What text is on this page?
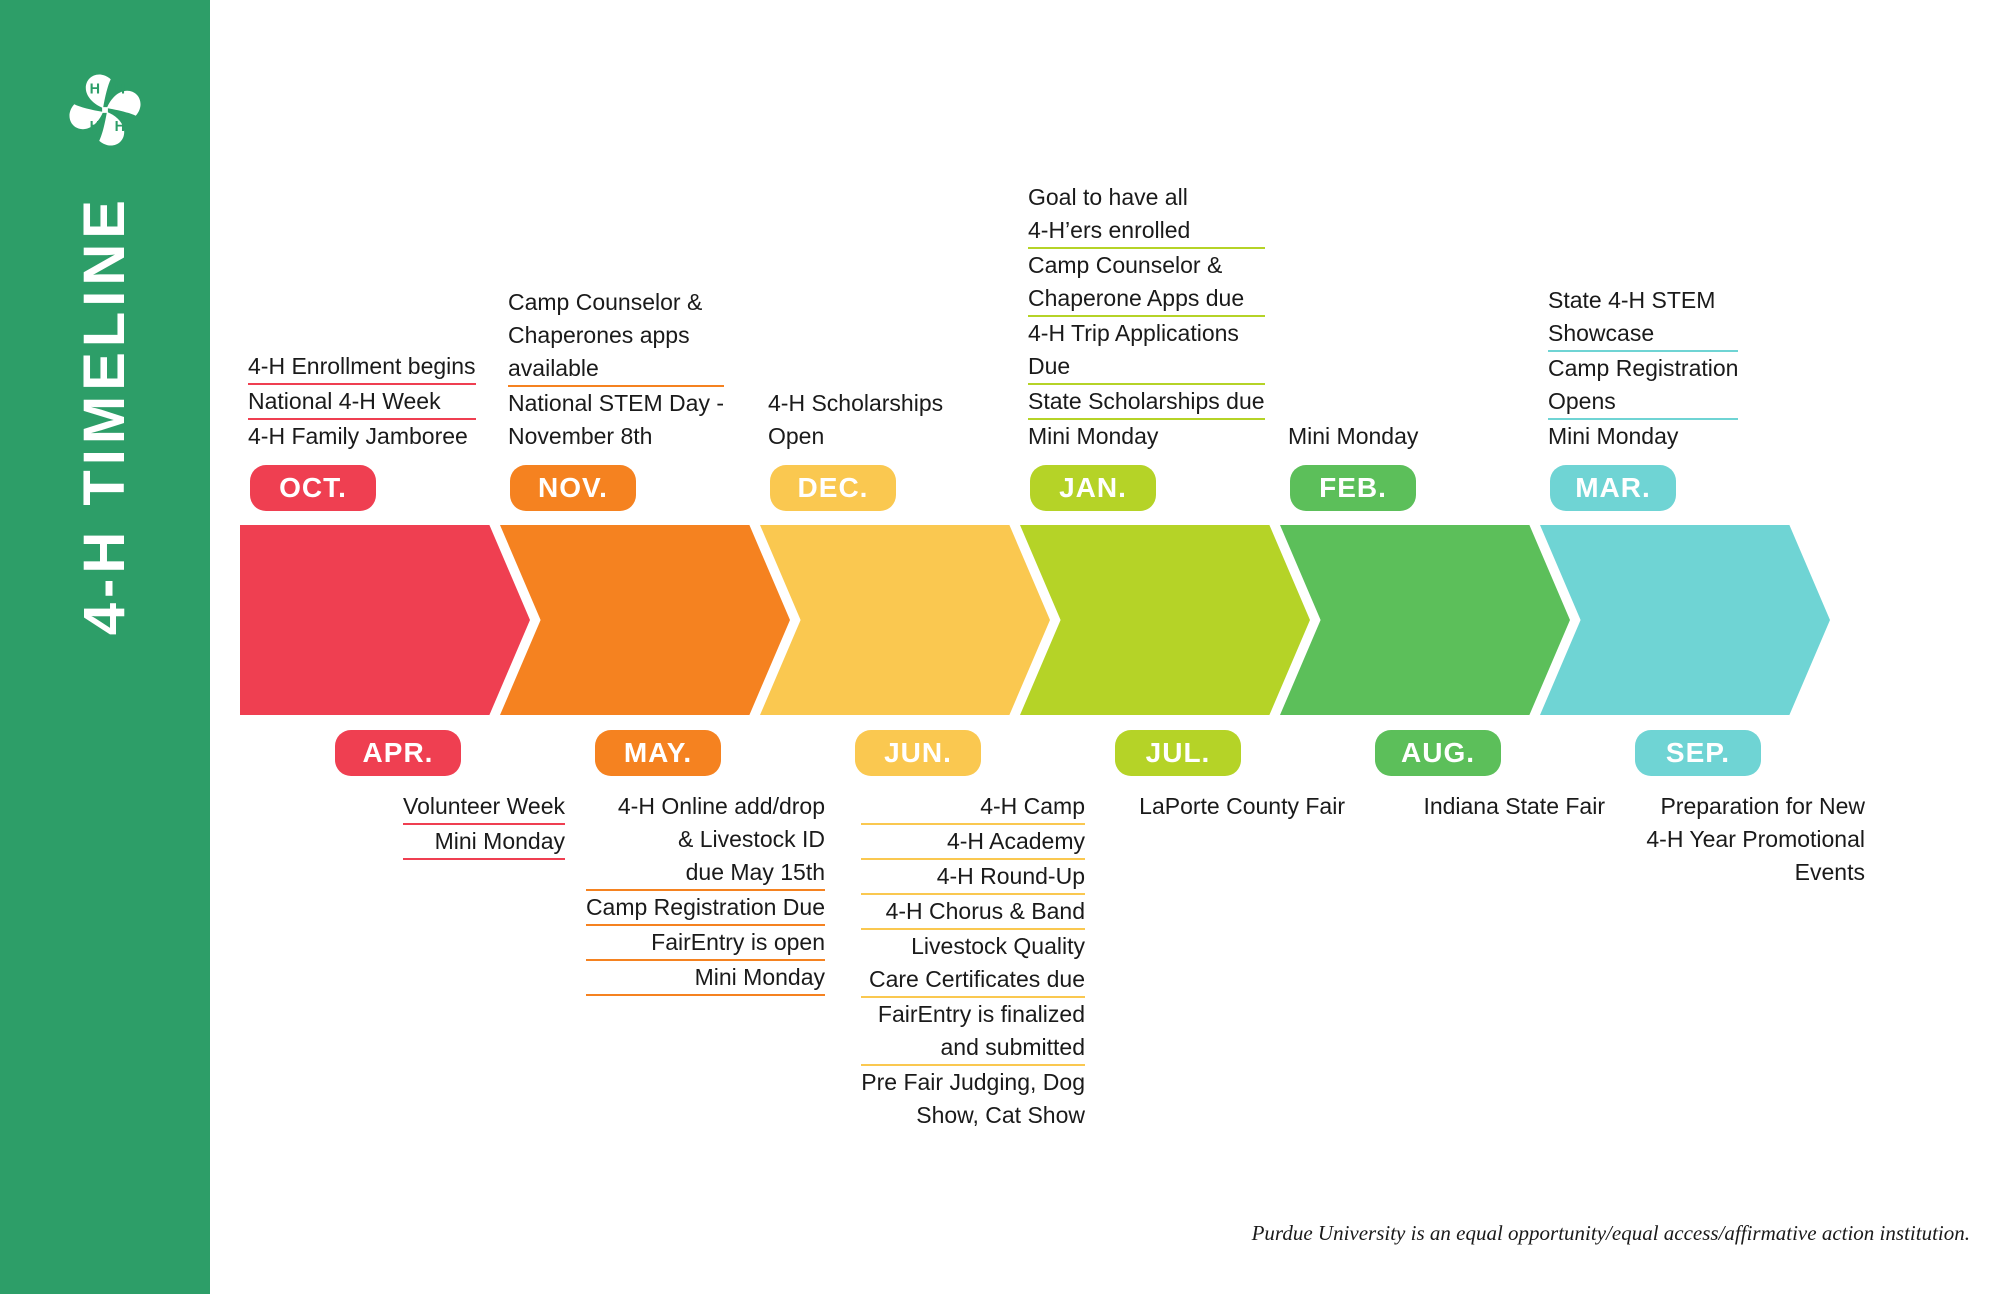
H H
H H
4-H TIMELINE	OCT.	NOV.	DEC.	JAN.	FEB.	MAR.
APR.	MAY.	JUN.	JUL.	AUG.	SEP.
4-H Enrollment begins
National 4-H Week
4-H Family Jamboree
Camp Counselor &
Chaperones apps
available
National STEM Day -
November 8th
4-H Scholarships
Open
Goal to have all
4-H’ers enrolled
Camp Counselor &
Chaperone Apps due
4-H Trip Applications
Due
State Scholarships due
Mini Monday	Mini Monday
State 4-H STEM
Showcase
Camp Registration
Opens
Mini Monday
Volunteer Week
Mini Monday
4-H Online add/drop
& Livestock ID
due May 15th
Camp Registration Due
FairEntry is open
Mini Monday
4-H Camp
4-H Academy
4-H Round-Up
4-H Chorus & Band
Livestock Quality
Care Certificates due
FairEntry is finalized
and submitted
Pre Fair Judging, Dog
Show, Cat Show
LaPorte County Fair	Indiana State Fair	Preparation for New
4-H Year Promotional
Events
Purdue University is an equal opportunity/equal access/affirmative action institution.
